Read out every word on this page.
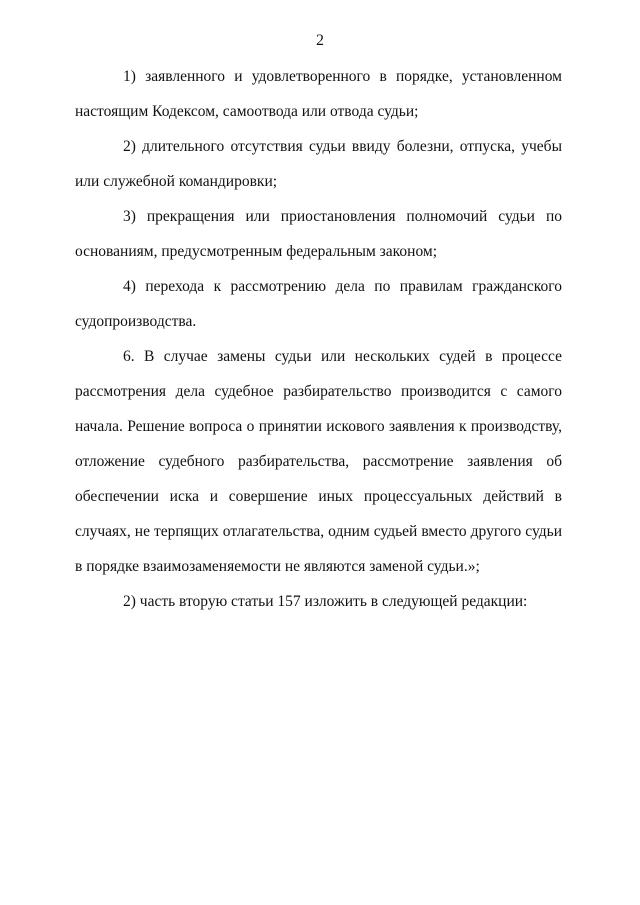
2

1) заявленного и удовлетворенного в порядке, установленном настоящим Кодексом, самоотвода или отвода судьи;

2) длительного отсутствия судьи ввиду болезни, отпуска, учебы или служебной командировки;

3) прекращения или приостановления полномочий судьи по основаниям, предусмотренным федеральным законом;

4) перехода к рассмотрению дела по правилам гражданского судопроизводства.

6. В случае замены судьи или нескольких судей в процессе рассмотрения дела судебное разбирательство производится с самого начала. Решение вопроса о принятии искового заявления к производству, отложение судебного разбирательства, рассмотрение заявления об обеспечении иска и совершение иных процессуальных действий в случаях, не терпящих отлагательства, одним судьей вместо другого судьи в порядке взаимозаменяемости не являются заменой судьи.»;

2) часть вторую статьи 157 изложить в следующей редакции:
